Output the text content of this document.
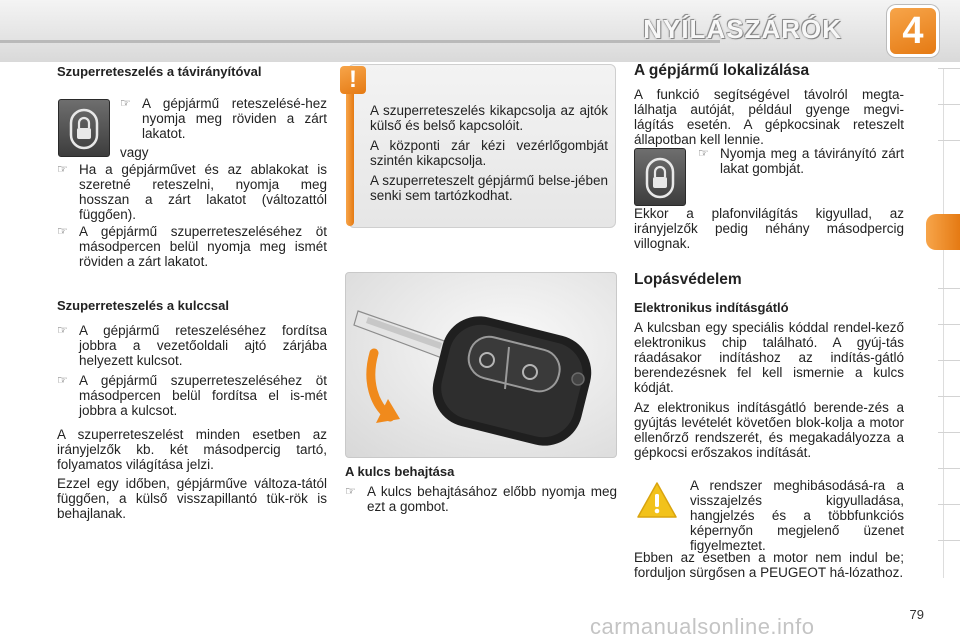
NYÍLÁSZÁRÓK	4

Szuperreteszelés a távirányítóval

☞ A gépjármű reteszelésé-hez nyomja meg röviden a zárt lakatot.

vagy

☞ Ha a gépjárművet és az ablakokat is szeretné reteszelni, nyomja meg hosszan a zárt lakatot (változattól függően).
☞ A gépjármű szuperreteszeléséhez öt másodpercen belül nyomja meg ismét röviden a zárt lakatot.

Szuperreteszelés a kulccsal

☞ A gépjármű reteszeléséhez fordítsa jobbra a vezetőoldali ajtó zárjába helyezett kulcsot.
☞ A gépjármű szuperreteszeléséhez öt másodpercen belül fordítsa el is-mét jobbra a kulcsot.

A szuperreteszelést minden esetben az irányjelzők kb. két másodpercig tartó, folyamatos világítása jelzi.

Ezzel egy időben, gépjárműve változa-tától függően, a külső visszapillantó tük-rök is behajlanak.

!

A szuperreteszelés kikapcsolja az ajtók külső és belső kapcsolóit.

A központi zár kézi vezérlőgombját szintén kikapcsolja.

A szuperreteszelt gépjármű belse-jében senki sem tartózkodhat.

A kulcs behajtása

☞ A kulcs behajtásához előbb nyomja meg ezt a gombot.

A gépjármű lokalizálása

A funkció segítségével távolról megta-lálhatja autóját, például gyenge megvi-lágítás esetén. A gépkocsinak reteszelt állapotban kell lennie.

☞ Nyomja meg a távirányító zárt lakat gombját.

Ekkor a plafonvilágítás kigyullad, az irányjelzők pedig néhány másodpercig villognak.

Lopásvédelem

Elektronikus indításgátló

A kulcsban egy speciális kóddal rendel-kező elektronikus chip található. A gyúj-tás ráadásakor indításhoz az indítás-gátló berendezésnek fel kell ismernie a kulcs kódját.

Az elektronikus indításgátló berende-zés a gyújtás levételét követően blok-kolja a motor ellenőrző rendszerét, és megakadályozza a gépkocsi erőszakos indítását.

A rendszer meghibásodásá-ra a visszajelzés kigyulladása, hangjelzés és a többfunkciós képernyőn megjelenő üzenet figyelmeztet.

Ebben az esetben a motor nem indul be; forduljon sürgősen a PEUGEOT há-lózathoz.

79
carmanualsonline.info
